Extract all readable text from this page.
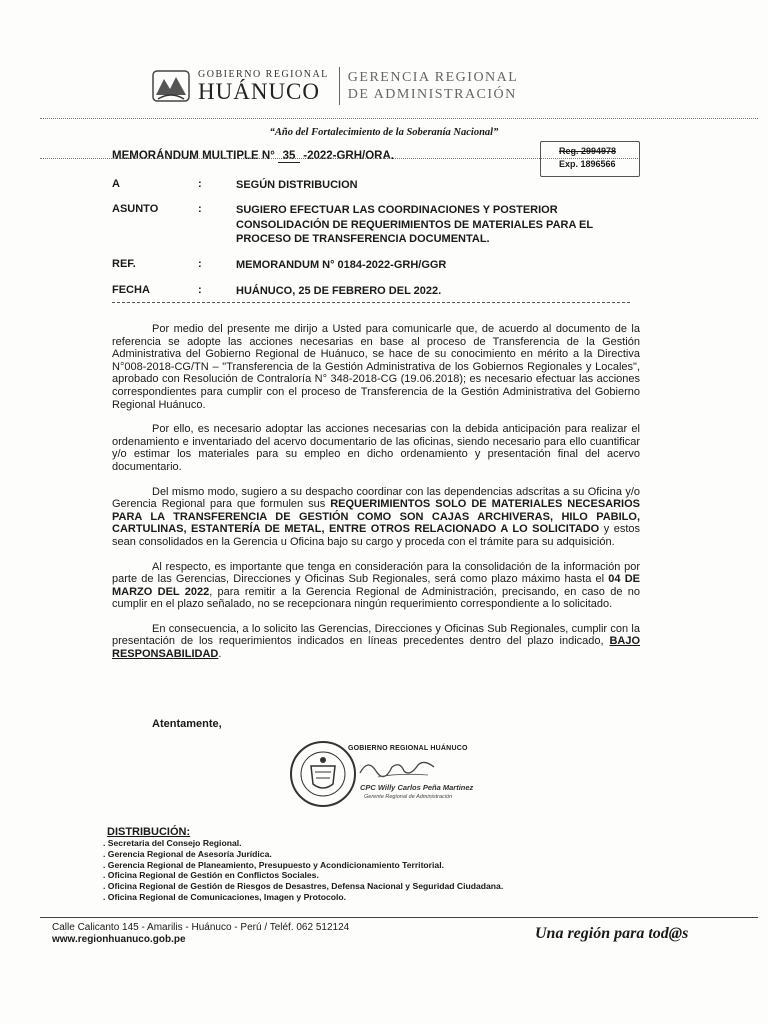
GOBIERNO REGIONAL
HUÁNUCO
GERENCIA REGIONAL
DE ADMINISTRACIÓN
“Año del Fortalecimiento de la Soberanía Nacional”
MEMORÁNDUM MULTIPLE N° 35 -2022-GRH/ORA.	Reg. 2994978
Exp. 1896566
A	:	SEGÚN DISTRIBUCION
ASUNTO	:	SUGIERO EFECTUAR LAS COORDINACIONES Y POSTERIOR CONSOLIDACIÓN DE REQUERIMIENTOS DE MATERIALES PARA EL PROCESO DE TRANSFERENCIA DOCUMENTAL.
REF.	:	MEMORANDUM N° 0184-2022-GRH/GGR
FECHA	:	HUÁNUCO, 25 DE FEBRERO DEL 2022.

Por medio del presente me dirijo a Usted para comunicarle que, de acuerdo al documento de la referencia se adopte las acciones necesarias en base al proceso de Transferencia de la Gestión Administrativa del Gobierno Regional de Huánuco, se hace de su conocimiento en mérito a la Directiva N°008-2018-CG/TN – "Transferencia de la Gestión Administrativa de los Gobiernos Regionales y Locales", aprobado con Resolución de Contraloría N° 348-2018-CG (19.06.2018); es necesario efectuar las acciones correspondientes para cumplir con el proceso de Transferencia de la Gestión Administrativa del Gobierno Regional Huánuco.

Por ello, es necesario adoptar las acciones necesarias con la debida anticipación para realizar el ordenamiento e inventariado del acervo documentario de las oficinas, siendo necesario para ello cuantificar y/o estimar los materiales para su empleo en dicho ordenamiento y presentación final del acervo documentario.

Del mismo modo, sugiero a su despacho coordinar con las dependencias adscritas a su Oficina y/o Gerencia Regional para que formulen sus REQUERIMIENTOS SOLO DE MATERIALES NECESARIOS PARA LA TRANSFERENCIA DE GESTIÓN COMO SON CAJAS ARCHIVERAS, HILO PABILO, CARTULINAS, ESTANTERÍA DE METAL, ENTRE OTROS RELACIONADO A LO SOLICITADO y estos sean consolidados en la Gerencia u Oficina bajo su cargo y proceda con el trámite para su adquisición.

Al respecto, es importante que tenga en consideración para la consolidación de la información por parte de las Gerencias, Direcciones y Oficinas Sub Regionales, será como plazo máximo hasta el 04 DE MARZO DEL 2022, para remitir a la Gerencia Regional de Administración, precisando, en caso de no cumplir en el plazo señalado, no se recepcionara ningún requerimiento correspondiente a lo solicitado.

En consecuencia, a lo solicito las Gerencias, Direcciones y Oficinas Sub Regionales, cumplir con la presentación de los requerimientos indicados en líneas precedentes dentro del plazo indicado, BAJO RESPONSABILIDAD.

Atentamente,
GOBIERNO REGIONAL HUÁNUCO
CPC Willy Carlos Peña Martinez
Gerente Regional de Administración
DISTRIBUCIÓN:
. Secretaria del Consejo Regional.
. Gerencia Regional de Asesoría Jurídica.
. Gerencia Regional de Planeamiento, Presupuesto y Acondicionamiento Territorial.
. Oficina Regional de Gestión en Conflictos Sociales.
. Oficina Regional de Gestión de Riesgos de Desastres, Defensa Nacional y Seguridad Ciudadana.
. Oficina Regional de Comunicaciones, Imagen y Protocolo.
Calle Calicanto 145 - Amarilis - Huánuco - Perú / Teléf. 062 512124
www.regionhuanuco.gob.pe	Una región para tod@s
